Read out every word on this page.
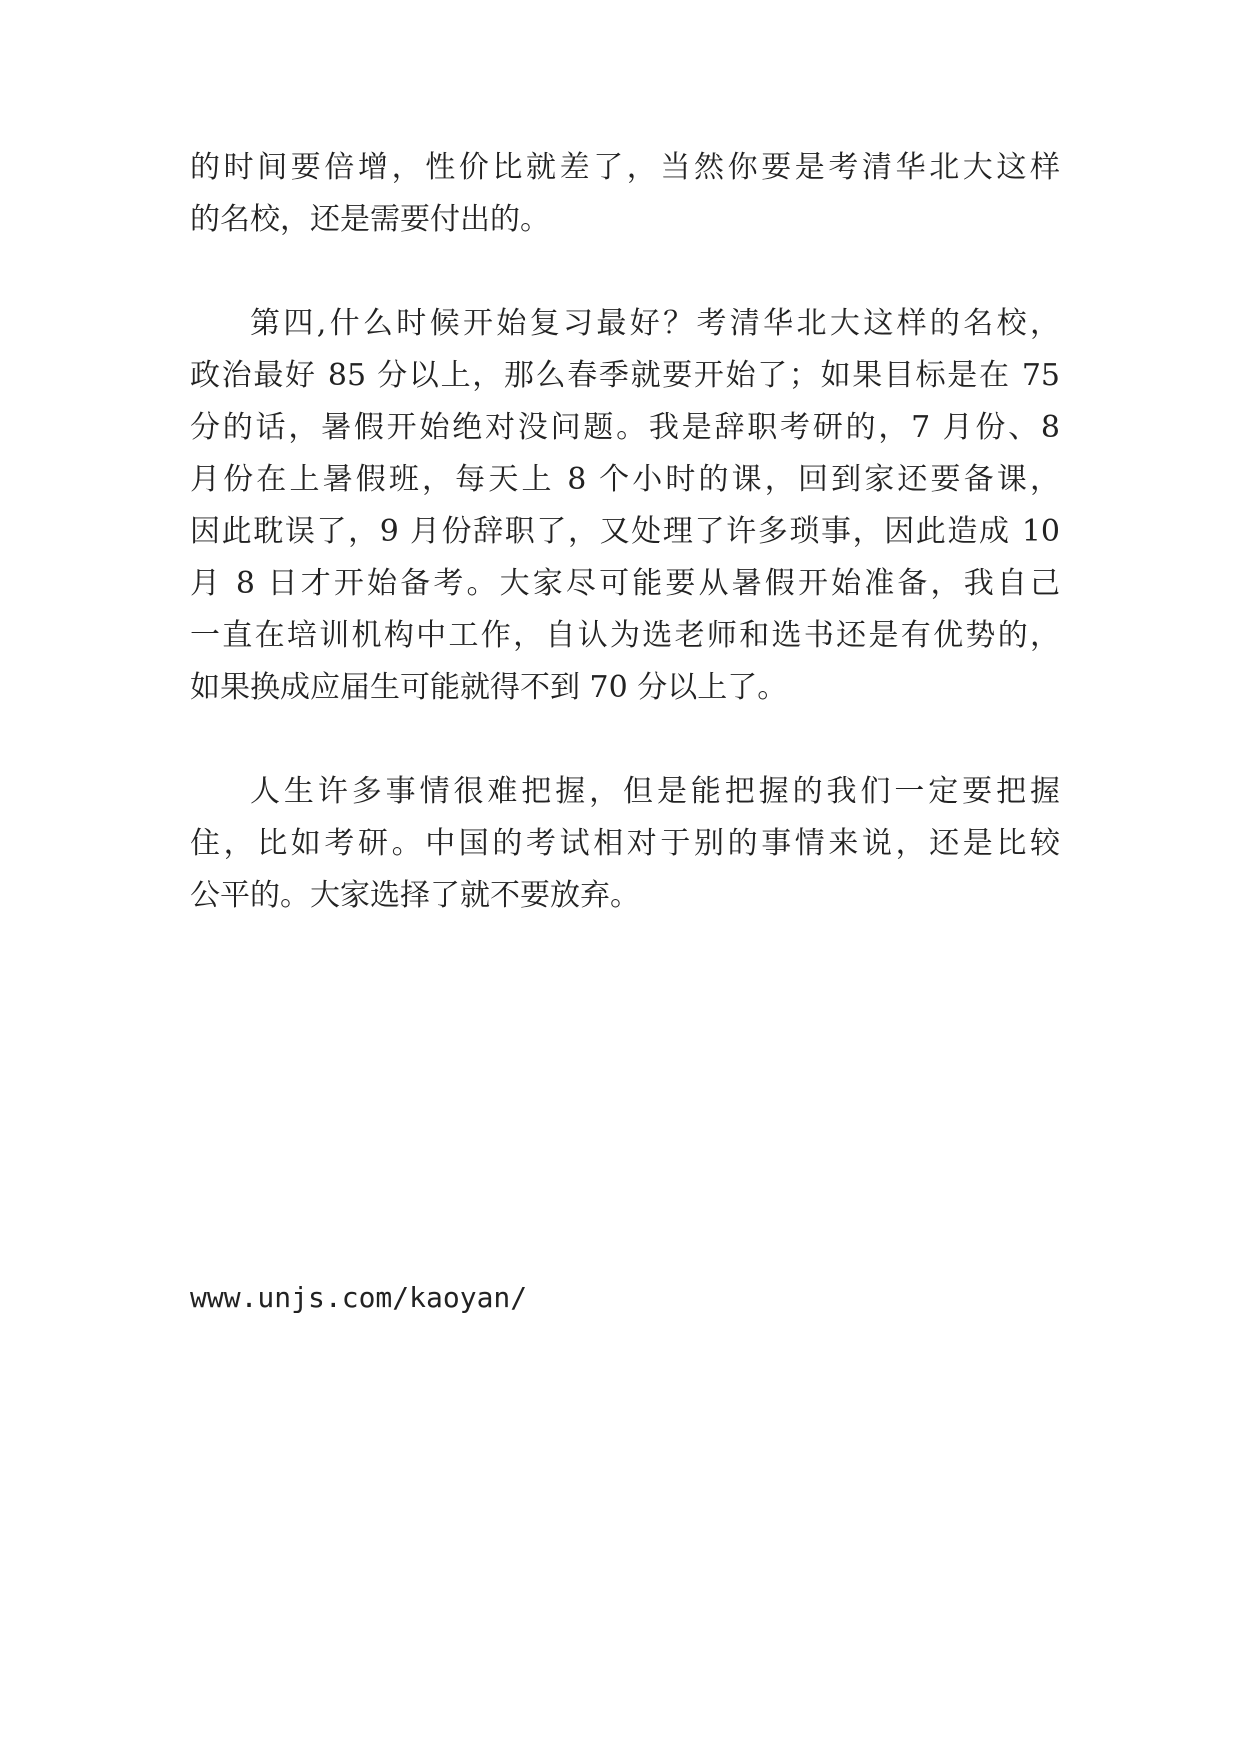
的时间要倍增，性价比就差了，当然你要是考清华北大这样
的名校，还是需要付出的。
第四,什么时候开始复习最好？考清华北大这样的名校，
政治最好 85 分以上，那么春季就要开始了；如果目标是在 75
分的话，暑假开始绝对没问题。我是辞职考研的，7 月份、8
月份在上暑假班，每天上 8 个小时的课，回到家还要备课，
因此耽误了，9 月份辞职了，又处理了许多琐事，因此造成 10
月 8 日才开始备考。大家尽可能要从暑假开始准备，我自己
一直在培训机构中工作，自认为选老师和选书还是有优势的，
如果换成应届生可能就得不到 70 分以上了。
人生许多事情很难把握，但是能把握的我们一定要把握
住，比如考研。中国的考试相对于别的事情来说，还是比较
公平的。大家选择了就不要放弃。
www.unjs.com/kaoyan/
